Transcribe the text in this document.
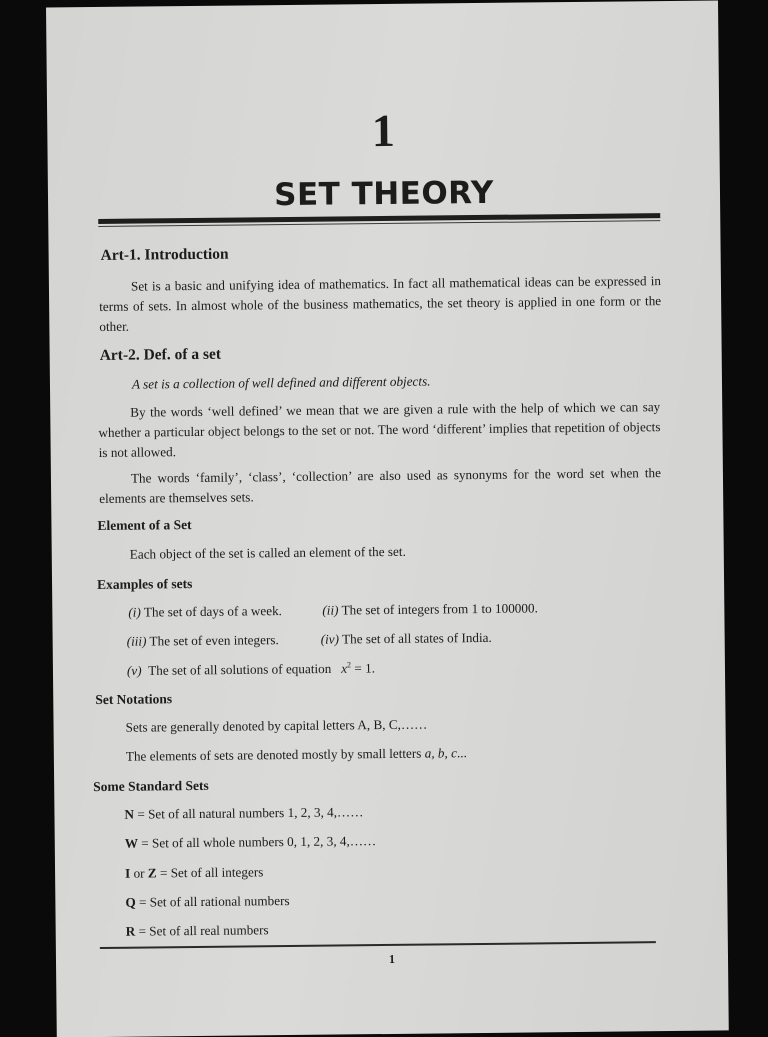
1
SET THEORY
Art-1. Introduction
Set is a basic and unifying idea of mathematics. In fact all mathematical ideas can be expressed in terms of sets. In almost whole of the business mathematics, the set theory is applied in one form or the other.
Art-2. Def. of a set
A set is a collection of well defined and different objects.
By the words ‘well defined’ we mean that we are given a rule with the help of which we can say whether a particular object belongs to the set or not. The word ‘different’ implies that repetition of objects is not allowed.
The words ‘family’, ‘class’, ‘collection’ are also used as synonyms for the word set when the elements are themselves sets.
Element of a Set
Each object of the set is called an element of the set.
Examples of sets
(i) The set of days of a week.	(ii) The set of integers from 1 to 100000.
(iii) The set of even integers.	(iv) The set of all states of India.
(v) The set of all solutions of equation $x^2 = 1$.
Set Notations
Sets are generally denoted by capital letters A, B, C,……
The elements of sets are denoted mostly by small letters a, b, c...
Some Standard Sets
N = Set of all natural numbers 1, 2, 3, 4,……
W = Set of all whole numbers 0, 1, 2, 3, 4,……
I or Z = Set of all integers
Q = Set of all rational numbers
R = Set of all real numbers
1
